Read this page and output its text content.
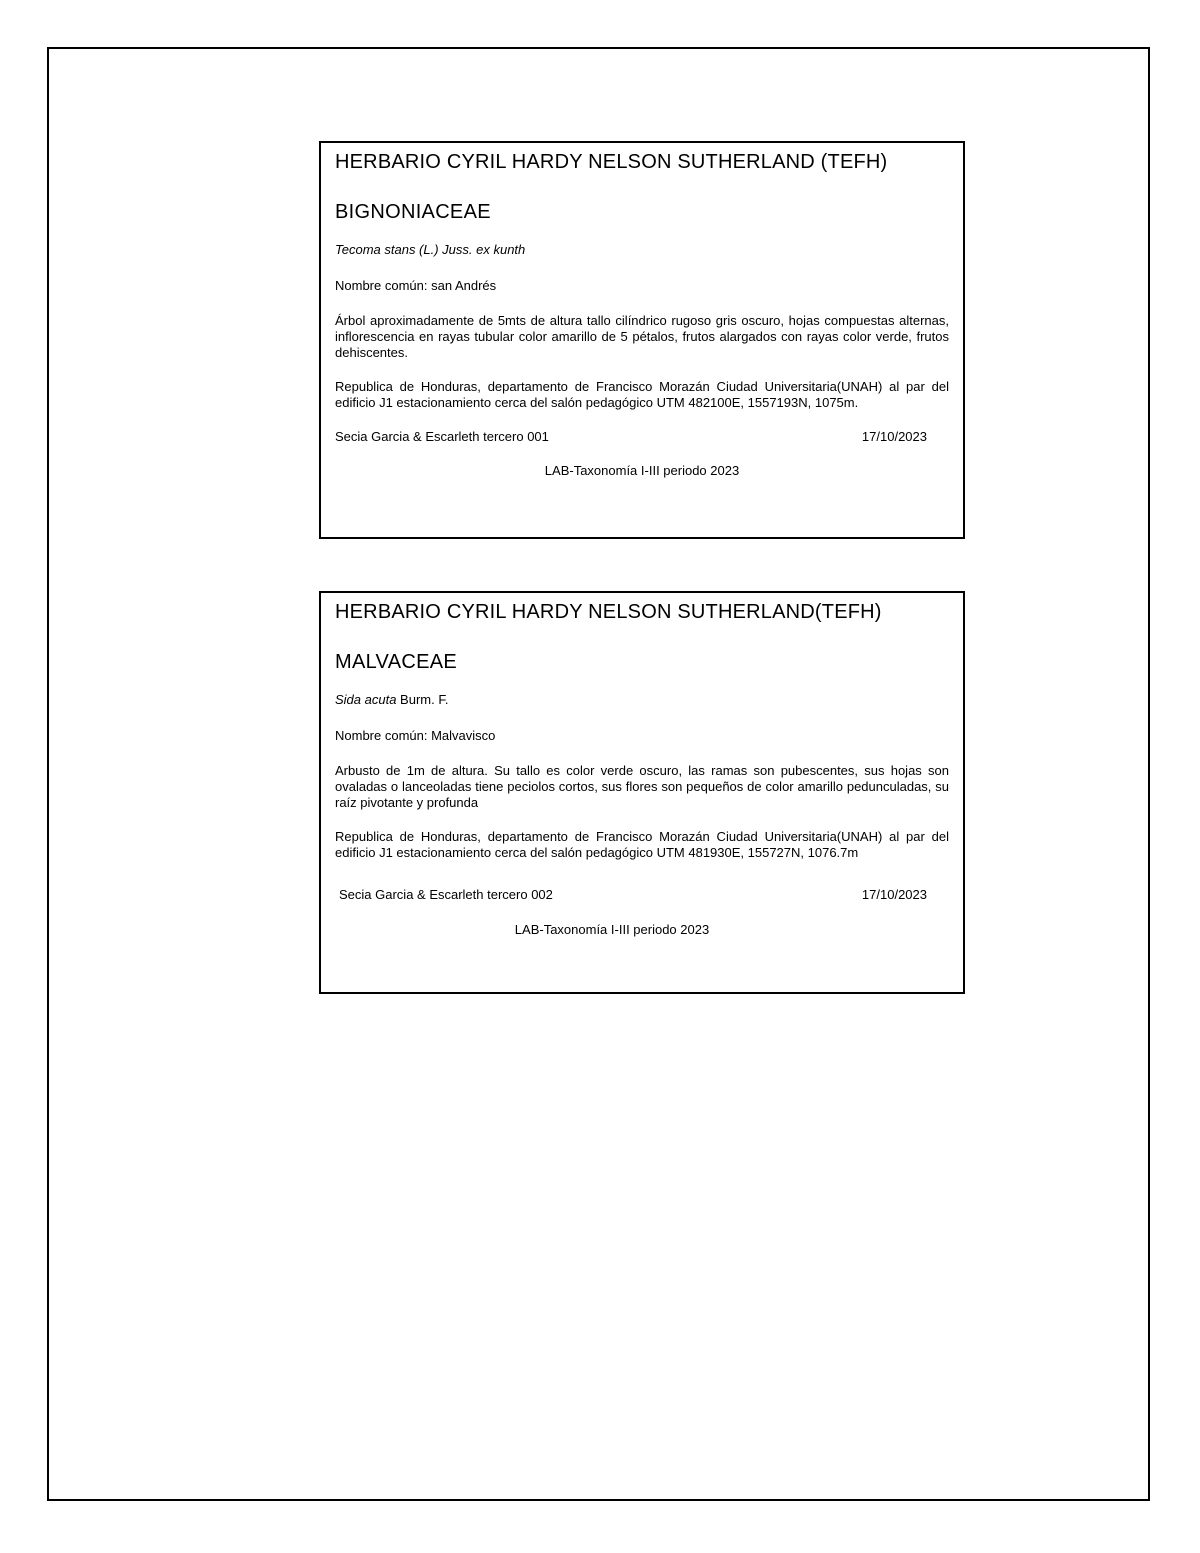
HERBARIO CYRIL HARDY NELSON SUTHERLAND (TEFH)
BIGNONIACEAE
Tecoma stans (L.) Juss. ex kunth
Nombre común: san Andrés

Árbol aproximadamente de 5mts de altura tallo cilíndrico rugoso gris oscuro, hojas compuestas alternas, inflorescencia en rayas tubular color amarillo de 5 pétalos, frutos alargados con rayas color verde, frutos dehiscentes.

Republica de Honduras, departamento de Francisco Morazán Ciudad Universitaria(UNAH) al par del edificio J1 estacionamiento cerca del salón pedagógico UTM 482100E, 1557193N, 1075m.

Secia Garcia & Escarleth tercero 001	17/10/2023
LAB-Taxonomía I-III periodo 2023
HERBARIO CYRIL HARDY NELSON SUTHERLAND(TEFH)
MALVACEAE
Sida acuta Burm. F.
Nombre común: Malvavisco

Arbusto de 1m de altura. Su tallo es color verde oscuro, las ramas son pubescentes, sus hojas son ovaladas o lanceoladas tiene peciolos cortos, sus flores son pequeños de color amarillo pedunculadas, su raíz pivotante y profunda

Republica de Honduras, departamento de Francisco Morazán Ciudad Universitaria(UNAH) al par del edificio J1 estacionamiento cerca del salón pedagógico UTM 481930E, 155727N, 1076.7m

Secia Garcia & Escarleth tercero 002	17/10/2023
LAB-Taxonomía I-III periodo 2023
